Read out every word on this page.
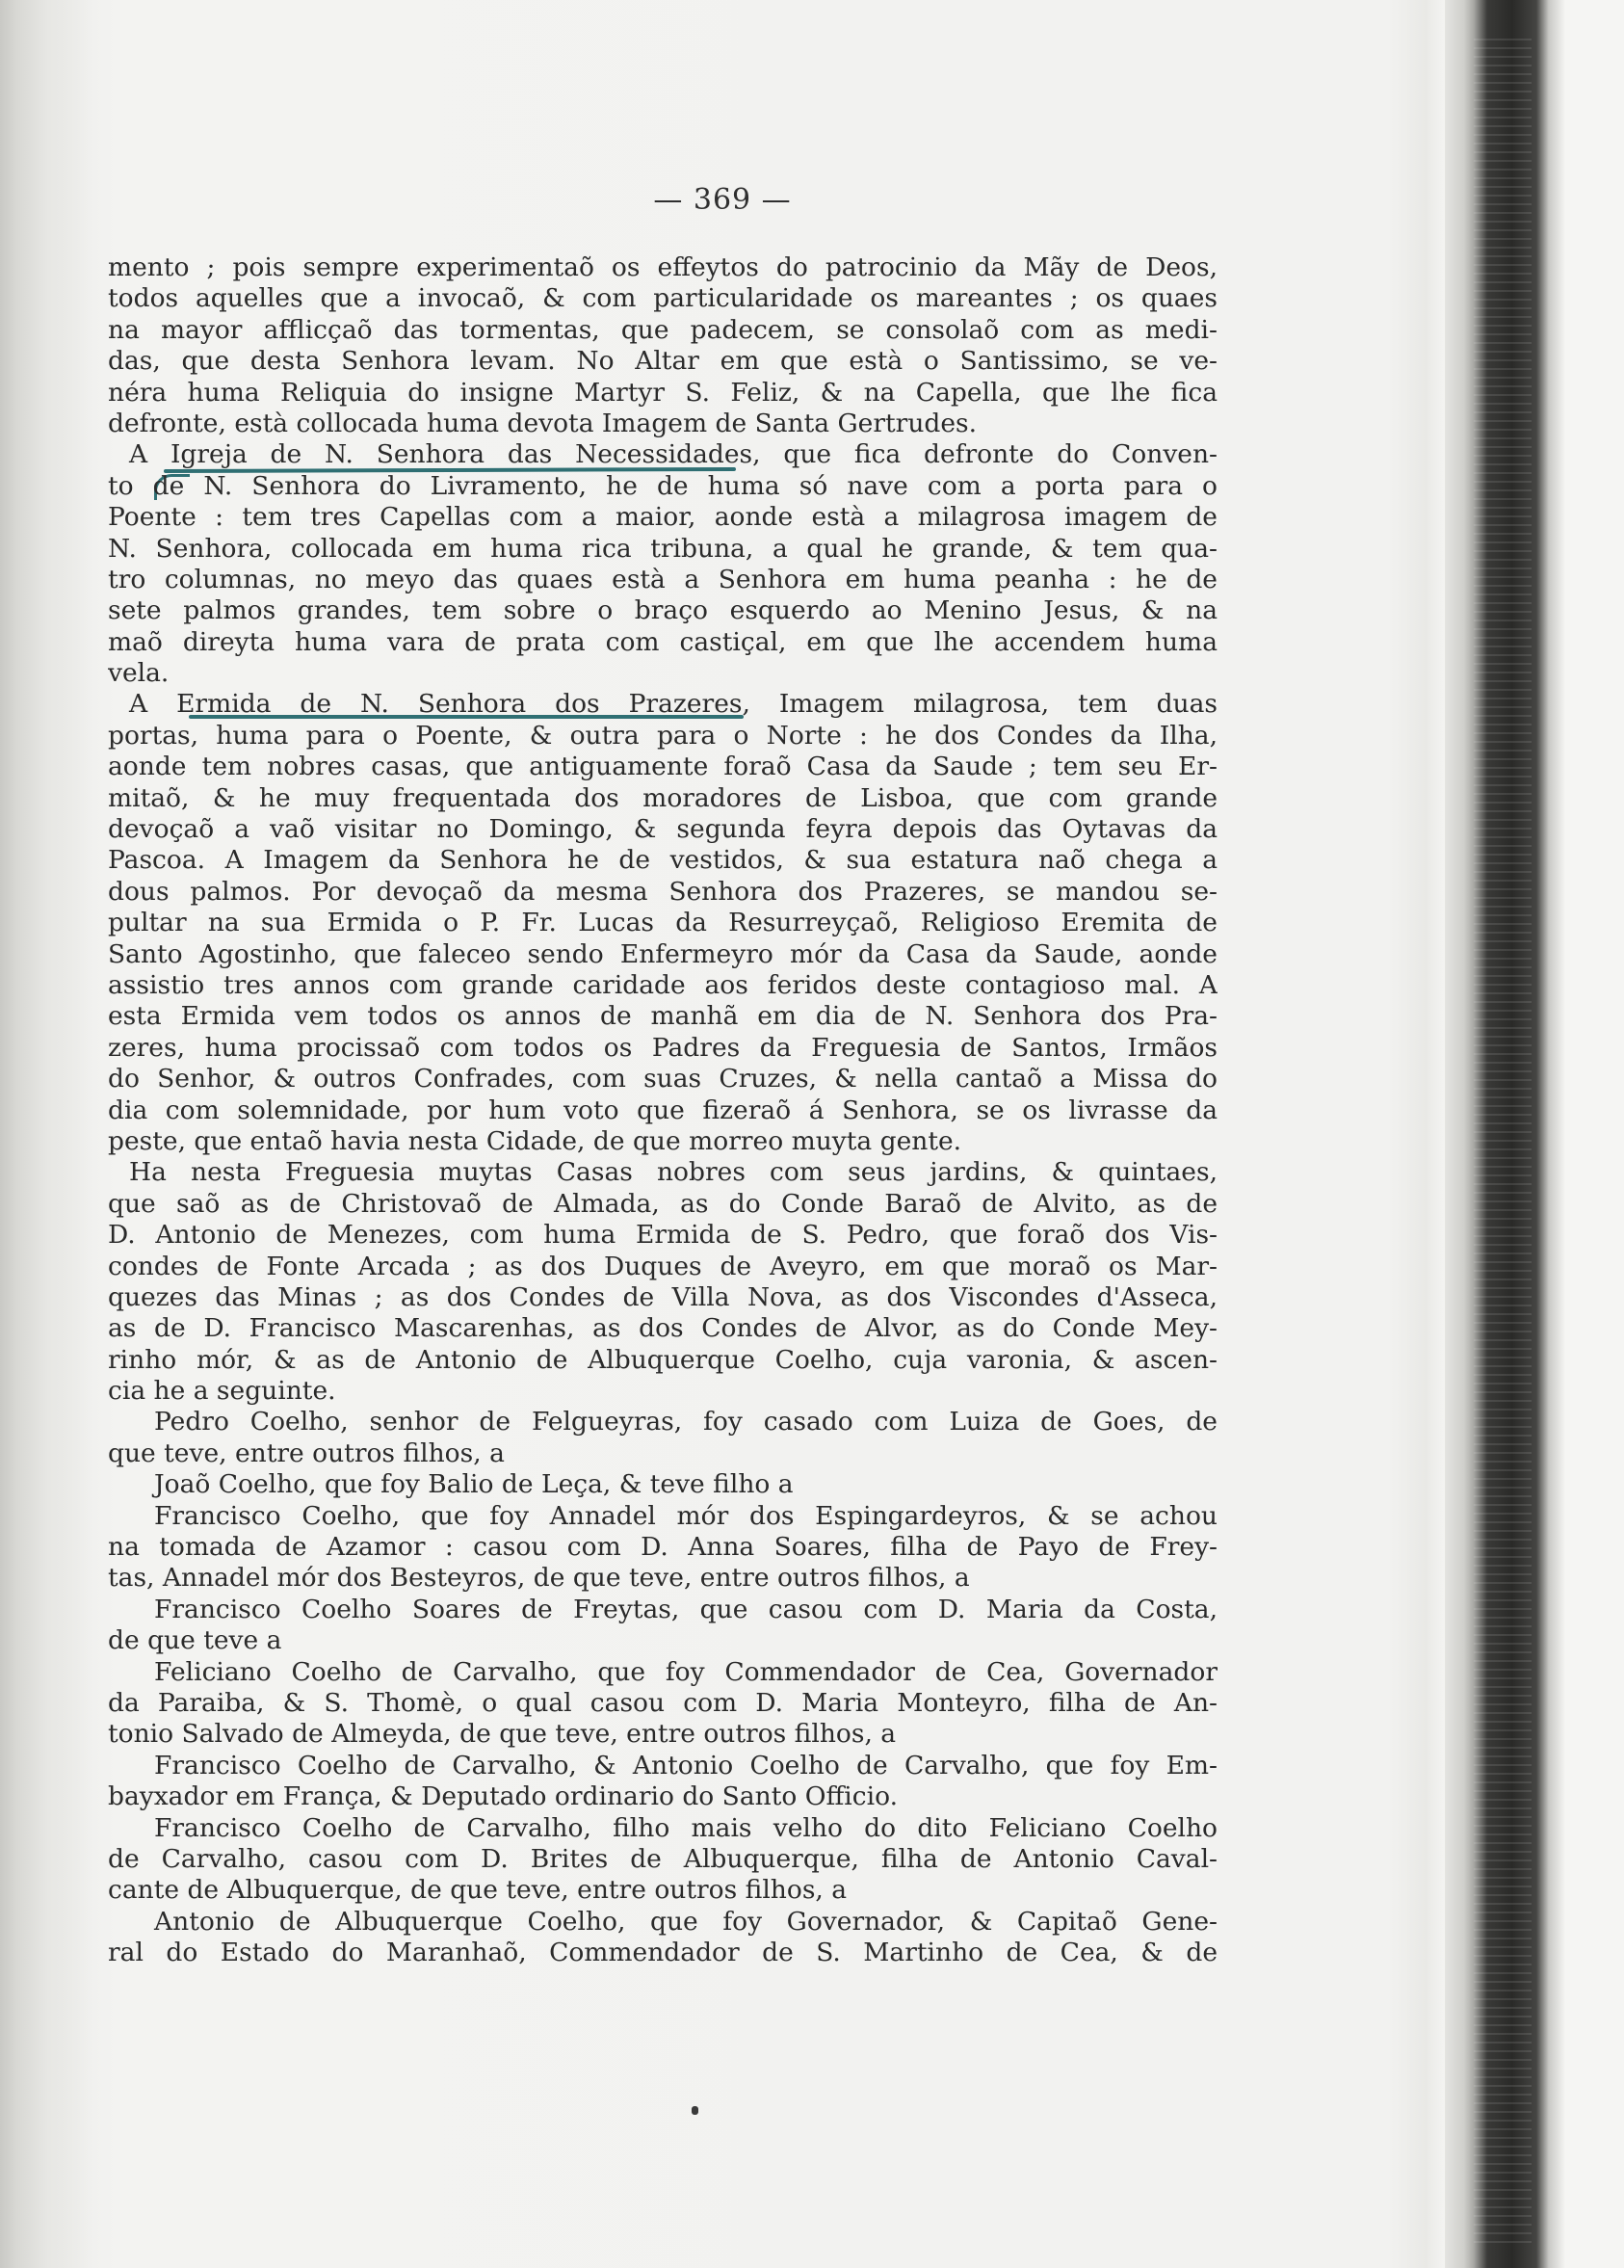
— 369 —
mento ; pois sempre experimentaõ os effeytos do patrocinio da Mãy de Deos,
todos aquelles que a invocaõ, & com particularidade os mareantes ; os quaes
na mayor afflicçaõ das tormentas, que padecem, se consolaõ com as medi-
das, que desta Senhora levam. No Altar em que està o Santissimo, se ve-
néra huma Reliquia do insigne Martyr S. Feliz, & na Capella, que lhe fica
defronte, està collocada huma devota Imagem de Santa Gertrudes.
A Igreja de N. Senhora das Necessidades, que fica defronte do Conven-
to de N. Senhora do Livramento, he de huma só nave com a porta para o
Poente : tem tres Capellas com a maior, aonde està a milagrosa imagem de
N. Senhora, collocada em huma rica tribuna, a qual he grande, & tem qua-
tro columnas, no meyo das quaes està a Senhora em huma peanha : he de
sete palmos grandes, tem sobre o braço esquerdo ao Menino Jesus, & na
maõ direyta huma vara de prata com castiçal, em que lhe accendem huma
vela.
A Ermida de N. Senhora dos Prazeres, Imagem milagrosa, tem duas
portas, huma para o Poente, & outra para o Norte : he dos Condes da Ilha,
aonde tem nobres casas, que antiguamente foraõ Casa da Saude ; tem seu Er-
mitaõ, & he muy frequentada dos moradores de Lisboa, que com grande
devoçaõ a vaõ visitar no Domingo, & segunda feyra depois das Oytavas da
Pascoa. A Imagem da Senhora he de vestidos, & sua estatura naõ chega a
dous palmos. Por devoçaõ da mesma Senhora dos Prazeres, se mandou se-
pultar na sua Ermida o P. Fr. Lucas da Resurreyçaõ, Religioso Eremita de
Santo Agostinho, que faleceo sendo Enfermeyro mór da Casa da Saude, aonde
assistio tres annos com grande caridade aos feridos deste contagioso mal. A
esta Ermida vem todos os annos de manhã em dia de N. Senhora dos Pra-
zeres, huma procissaõ com todos os Padres da Freguesia de Santos, Irmãos
do Senhor, & outros Confrades, com suas Cruzes, & nella cantaõ a Missa do
dia com solemnidade, por hum voto que fizeraõ á Senhora, se os livrasse da
peste, que entaõ havia nesta Cidade, de que morreo muyta gente.
Ha nesta Freguesia muytas Casas nobres com seus jardins, & quintaes,
que saõ as de Christovaõ de Almada, as do Conde Baraõ de Alvito, as de
D. Antonio de Menezes, com huma Ermida de S. Pedro, que foraõ dos Vis-
condes de Fonte Arcada ; as dos Duques de Aveyro, em que moraõ os Mar-
quezes das Minas ; as dos Condes de Villa Nova, as dos Viscondes d'Asseca,
as de D. Francisco Mascarenhas, as dos Condes de Alvor, as do Conde Mey-
rinho mór, & as de Antonio de Albuquerque Coelho, cuja varonia, & ascen-
cia he a seguinte.
Pedro Coelho, senhor de Felgueyras, foy casado com Luiza de Goes, de
que teve, entre outros filhos, a
Joaõ Coelho, que foy Balio de Leça, & teve filho a
Francisco Coelho, que foy Annadel mór dos Espingardeyros, & se achou
na tomada de Azamor : casou com D. Anna Soares, filha de Payo de Frey-
tas, Annadel mór dos Besteyros, de que teve, entre outros filhos, a
Francisco Coelho Soares de Freytas, que casou com D. Maria da Costa,
de que teve a
Feliciano Coelho de Carvalho, que foy Commendador de Cea, Governador
da Paraiba, & S. Thomè, o qual casou com D. Maria Monteyro, filha de An-
tonio Salvado de Almeyda, de que teve, entre outros filhos, a
Francisco Coelho de Carvalho, & Antonio Coelho de Carvalho, que foy Em-
bayxador em França, & Deputado ordinario do Santo Officio.
Francisco Coelho de Carvalho, filho mais velho do dito Feliciano Coelho
de Carvalho, casou com D. Brites de Albuquerque, filha de Antonio Caval-
cante de Albuquerque, de que teve, entre outros filhos, a
Antonio de Albuquerque Coelho, que foy Governador, & Capitaõ Gene-
ral do Estado do Maranhaõ, Commendador de S. Martinho de Cea, & de
